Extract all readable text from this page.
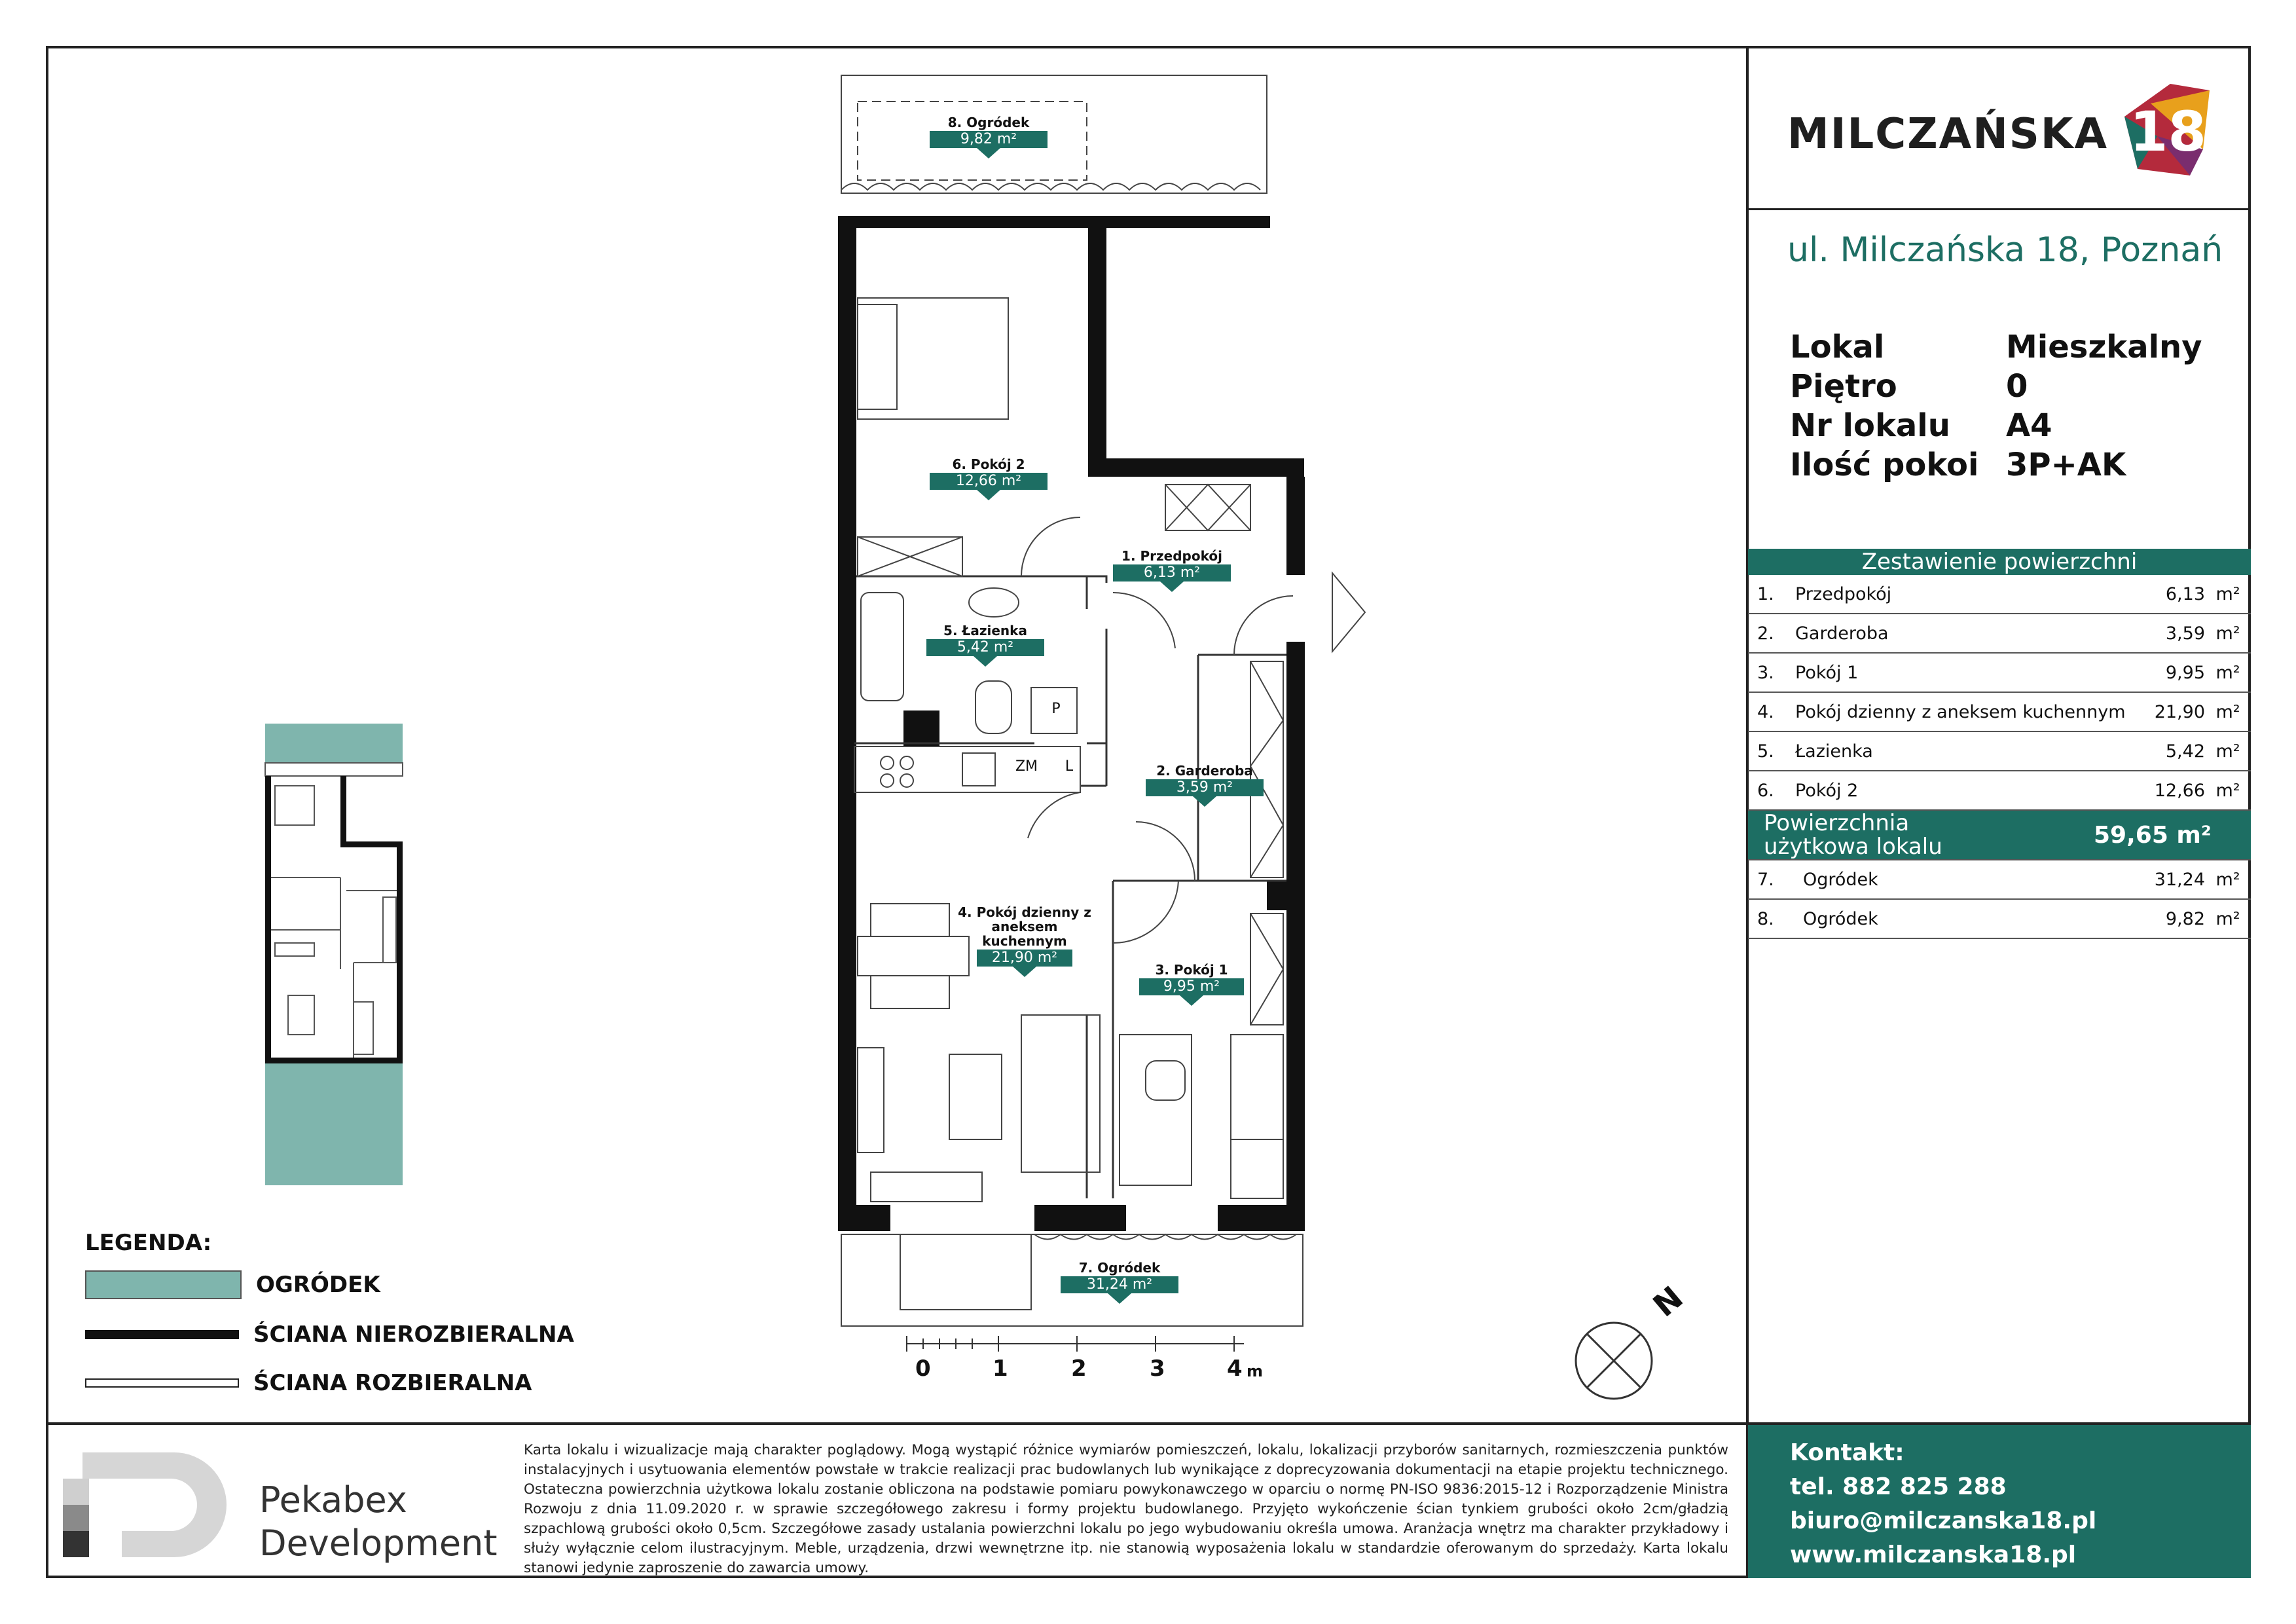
8. Ogródek
9,82 m²
6. Pokój 2
12,66 m²
1. Przedpokój
6,13 m²
5. Łazienka
5,42 m²
2. Garderoba
3,59 m²
4. Pokój dzienny z
aneksem
kuchennym
21,90 m²
3. Pokój 1
9,95 m²
7. Ogródek
31,24 m²
P
ZM	L
0	1	2	3	4 m
N
LEGENDA:
OGRÓDEK
ŚCIANA NIEROZBIERALNA
ŚCIANA ROZBIERALNA
MILCZAŃSKA 18
ul. Milczańska 18, Poznań
Lokal	Mieszkalny
Piętro	0
Nr lokalu	A4
Ilość pokoi 3P+AK
Zestawienie powierzchni
1.	Przedpokój	6,13 m²
2.	Garderoba	3,59 m²
3.	Pokój 1	9,95 m²
4.	Pokój dzienny z aneksem kuchennym	21,90 m²
5.	Łazienka	5,42 m²
6.	Pokój 2	12,66 m²
Powierzchnia
użytkowa lokalu	59,65 m²
7.	Ogródek	31,24 m²
8.	Ogródek	9,82 m²
Pekabex
Development
Karta lokalu i wizualizacje mają charakter poglądowy. Mogą wystąpić różnice wymiarów pomieszczeń, lokalu, lokalizacji przyborów sanitarnych, rozmieszczenia punktów instalacyjnych i usytuowania elementów powstałe w trakcie realizacji prac budowlanych lub wynikające z doprecyzowania dokumentacji na etapie projektu technicznego. Ostateczna powierzchnia użytkowa lokalu zostanie obliczona na podstawie pomiaru powykonawczego w oparciu o normę PN-ISO 9836:2015-12 i Rozporządzenie Ministra Rozwoju z dnia 11.09.2020 r. w sprawie szczegółowego zakresu i formy projektu budowlanego. Przyjęto wykończenie ścian tynkiem grubości około 2cm/gładzią szpachlową grubości około 0,5cm. Szczegółowe zasady ustalania powierzchni lokalu po jego wybudowaniu określa umowa. Aranżacja wnętrz ma charakter przykładowy i służy wyłącznie celom ilustracyjnym. Meble, urządzenia, drzwi wewnętrzne itp. nie stanowią wyposażenia lokalu w standardzie oferowanym do sprzedaży. Karta lokalu stanowi jedynie zaproszenie do zawarcia umowy.
Kontakt:
tel. 882 825 288
biuro@milczanska18.pl
www.milczanska18.pl
